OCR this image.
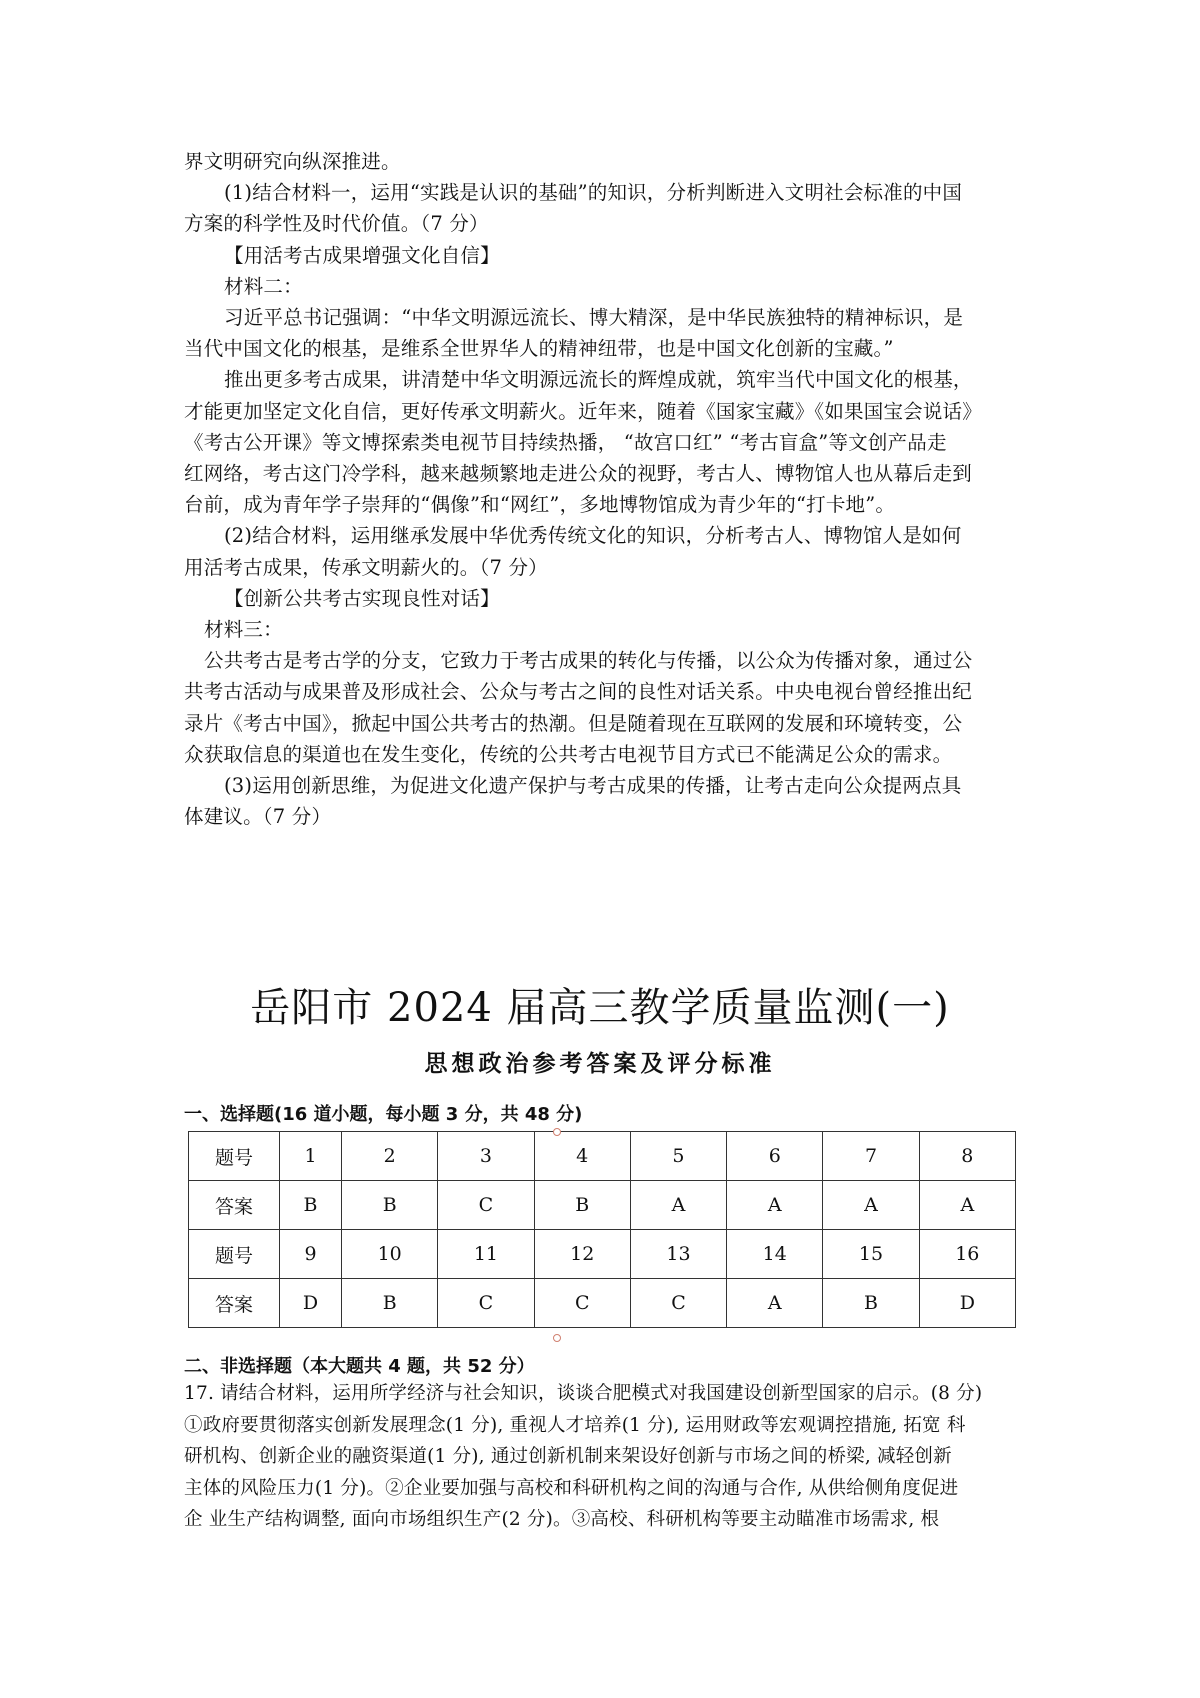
界文明研究向纵深推进。

(1)结合材料一，运用“实践是认识的基础”的知识，分析判断进入文明社会标准的中国

方案的科学性及时代价值。（7 分）

【用活考古成果增强文化自信】

材料二：

习近平总书记强调：“中华文明源远流长、博大精深，是中华民族独特的精神标识，是

当代中国文化的根基，是维系全世界华人的精神纽带，也是中国文化创新的宝藏。”

推出更多考古成果，讲清楚中华文明源远流长的辉煌成就，筑牢当代中国文化的根基，

才能更加坚定文化自信，更好传承文明薪火。近年来，随着《国家宝藏》《如果国宝会说话》

《考古公开课》等文博探索类电视节目持续热播， “故宫口红” “考古盲盒”等文创产品走

红网络，考古这门冷学科，越来越频繁地走进公众的视野，考古人、博物馆人也从幕后走到

台前，成为青年学子崇拜的“偶像”和“网红”，多地博物馆成为青少年的“打卡地”。

(2)结合材料，运用继承发展中华优秀传统文化的知识，分析考古人、博物馆人是如何

用活考古成果，传承文明薪火的。（7 分）

【创新公共考古实现良性对话】

材料三：

公共考古是考古学的分支，它致力于考古成果的转化与传播，以公众为传播对象，通过公

共考古活动与成果普及形成社会、公众与考古之间的良性对话关系。中央电视台曾经推出纪

录片《考古中国》，掀起中国公共考古的热潮。但是随着现在互联网的发展和环境转变，公

众获取信息的渠道也在发生变化，传统的公共考古电视节目方式已不能满足公众的需求。

(3)运用创新思维，为促进文化遗产保护与考古成果的传播，让考古走向公众提两点具

体建议。（7 分）

岳阳市 2024 届高三教学质量监测(一)
思想政治参考答案及评分标准
一、选择题(16 道小题，每小题 3 分，共 48 分)
题号	1	2	3	4	5	6	7	8
答案	B	B	C	B	A	A	A	A
题号	9	10	11	12	13	14	15	16
答案	D	B	C	C	C	A	B	D
二、非选择题（本大题共 4 题，共 52 分）

17. 请结合材料，运用所学经济与社会知识，谈谈合肥模式对我国建设创新型国家的启示。(8 分)

①政府要贯彻落实创新发展理念(1 分), 重视人才培养(1 分), 运用财政等宏观调控措施, 拓宽 科

研机构、创新企业的融资渠道(1 分), 通过创新机制来架设好创新与市场之间的桥梁, 减轻创新

主体的风险压力(1 分)。②企业要加强与高校和科研机构之间的沟通与合作, 从供给侧角度促进

企 业生产结构调整, 面向市场组织生产(2 分)。③高校、科研机构等要主动瞄准市场需求, 根
